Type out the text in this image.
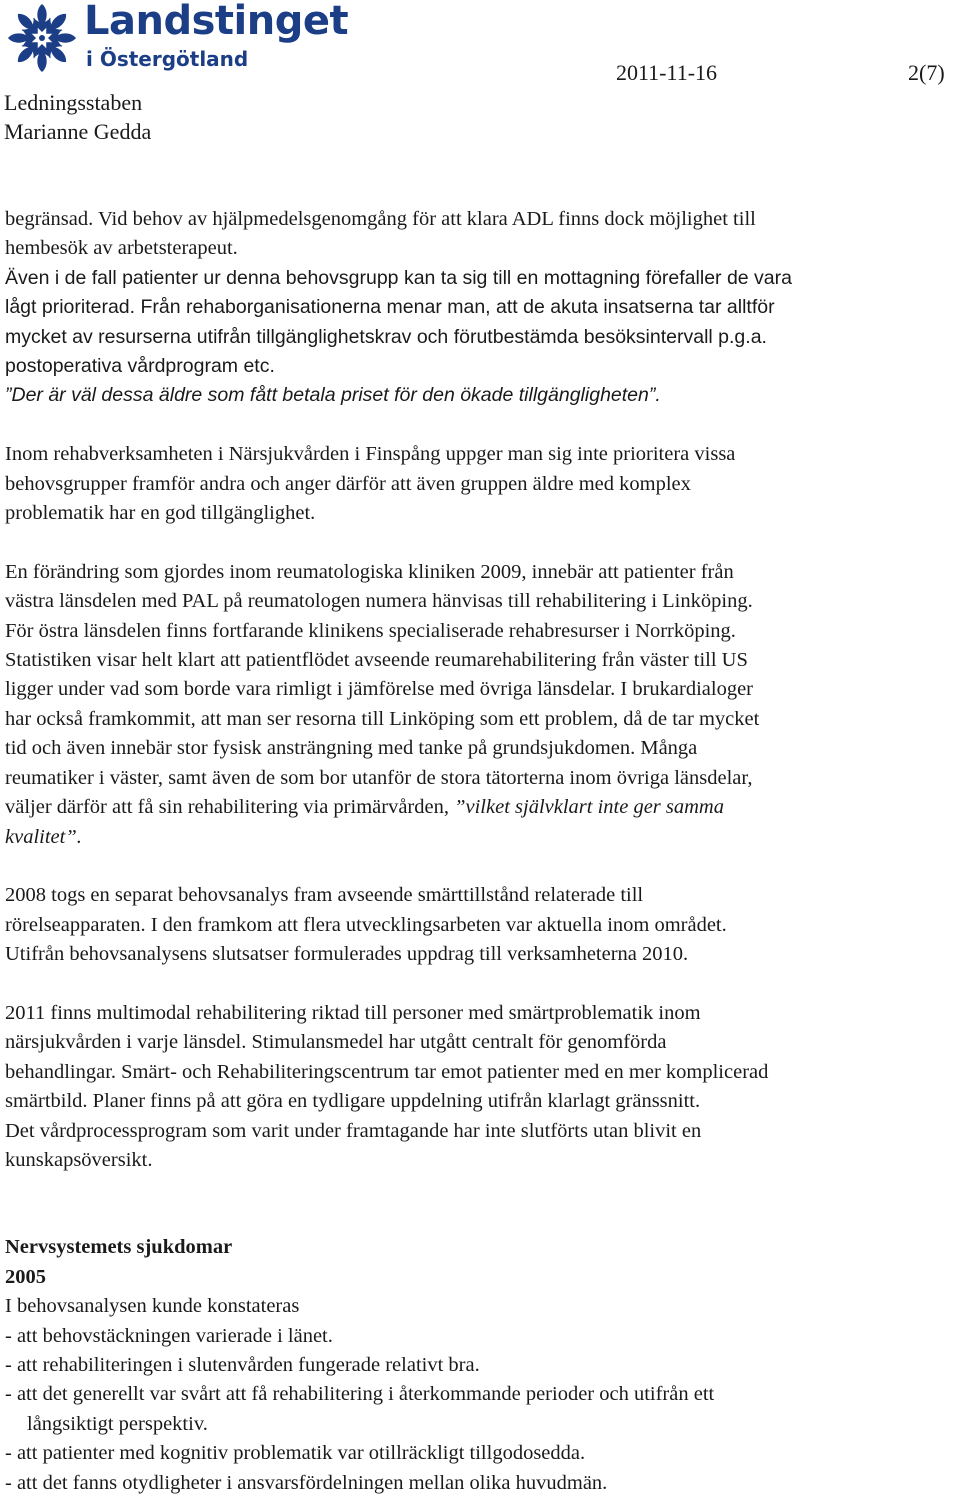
Landstinget
i Östergötland
2011-11-16	2(7)
Ledningsstaben
Marianne Gedda

begränsad. Vid behov av hjälpmedelsgenomgång för att klara ADL finns dock möjlighet till
hembesök av arbetsterapeut.

Även i de fall patienter ur denna behovsgrupp kan ta sig till en mottagning förefaller de vara
lågt prioriterad. Från rehaborganisationerna menar man, att de akuta insatserna tar alltför
mycket av resurserna utifrån tillgänglighetskrav och förutbestämda besöksintervall p.g.a.
postoperativa vårdprogram etc.

”Der är väl dessa äldre som fått betala priset för den ökade tillgängligheten”.

Inom rehabverksamheten i Närsjukvården i Finspång uppger man sig inte prioritera vissa
behovsgrupper framför andra och anger därför att även gruppen äldre med komplex
problematik har en god tillgänglighet.

En förändring som gjordes inom reumatologiska kliniken 2009, innebär att patienter från
västra länsdelen med PAL på reumatologen numera hänvisas till rehabilitering i Linköping.
För östra länsdelen finns fortfarande klinikens specialiserade rehabresurser i Norrköping.
Statistiken visar helt klart att patientflödet avseende reumarehabilitering från väster till US
ligger under vad som borde vara rimligt i jämförelse med övriga länsdelar. I brukardialoger
har också framkommit, att man ser resorna till Linköping som ett problem, då de tar mycket
tid och även innebär stor fysisk ansträngning med tanke på grundsjukdomen. Många
reumatiker i väster, samt även de som bor utanför de stora tätorterna inom övriga länsdelar,
väljer därför att få sin rehabilitering via primärvården, ”vilket självklart inte ger samma
kvalitet”.

2008 togs en separat behovsanalys fram avseende smärttillstånd relaterade till
rörelseapparaten. I den framkom att flera utvecklingsarbeten var aktuella inom området.
Utifrån behovsanalysens slutsatser formulerades uppdrag till verksamheterna 2010.

2011 finns multimodal rehabilitering riktad till personer med smärtproblematik inom
närsjukvården i varje länsdel. Stimulansmedel har utgått centralt för genomförda
behandlingar. Smärt- och Rehabiliteringscentrum tar emot patienter med en mer komplicerad
smärtbild. Planer finns på att göra en tydligare uppdelning utifrån klarlagt gränssnitt.
Det vårdprocessprogram som varit under framtagande har inte slutförts utan blivit en
kunskapsöversikt.

Nervsystemets sjukdomar

2005

I behovsanalysen kunde konstateras

- att behovstäckningen varierade i länet.

- att rehabiliteringen i slutenvården fungerade relativt bra.

- att det generellt var svårt att få rehabilitering i återkommande perioder och utifrån ett

långsiktigt perspektiv.

- att patienter med kognitiv problematik var otillräckligt tillgodosedda.

- att det fanns otydligheter i ansvarsfördelningen mellan olika huvudmän.
